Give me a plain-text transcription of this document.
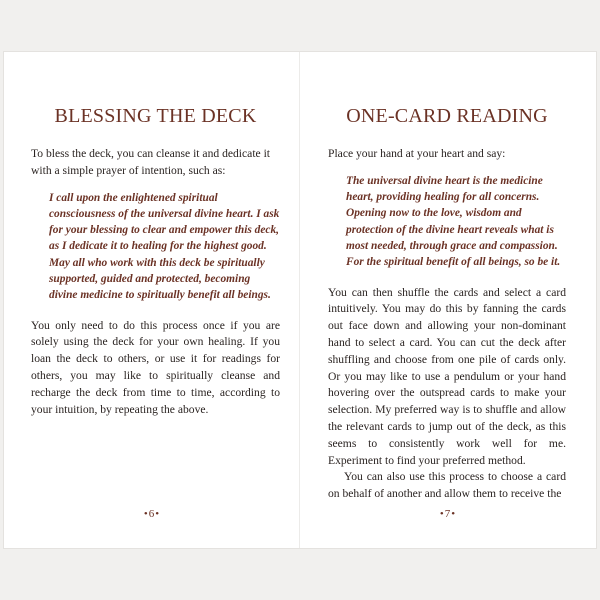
BLESSING THE DECK

To bless the deck, you can cleanse it and dedicate it with a simple prayer of intention, such as:

I call upon the enlightened spiritual consciousness of the universal divine heart. I ask for your blessing to clear and empower this deck, as I dedicate it to healing for the highest good. May all who work with this deck be spiritually supported, guided and protected, becoming divine medicine to spiritually benefit all beings.

You only need to do this process once if you are solely using the deck for your own healing. If you loan the deck to others, or use it for readings for others, you may like to spiritually cleanse and recharge the deck from time to time, according to your intuition, by repeating the above.

•6•
ONE-CARD READING

Place your hand at your heart and say:

The universal divine heart is the medicine heart, providing healing for all concerns. Opening now to the love, wisdom and protection of the divine heart reveals what is most needed, through grace and compassion. For the spiritual benefit of all beings, so be it.

You can then shuffle the cards and select a card intuitively. You may do this by fanning the cards out face down and allowing your non-dominant hand to select a card. You can cut the deck after shuffling and choose from one pile of cards only. Or you may like to use a pendulum or your hand hovering over the outspread cards to make your selection. My preferred way is to shuffle and allow the relevant cards to jump out of the deck, as this seems to consistently work well for me. Experiment to find your preferred method.

You can also use this process to choose a card on behalf of another and allow them to receive the

•7•
